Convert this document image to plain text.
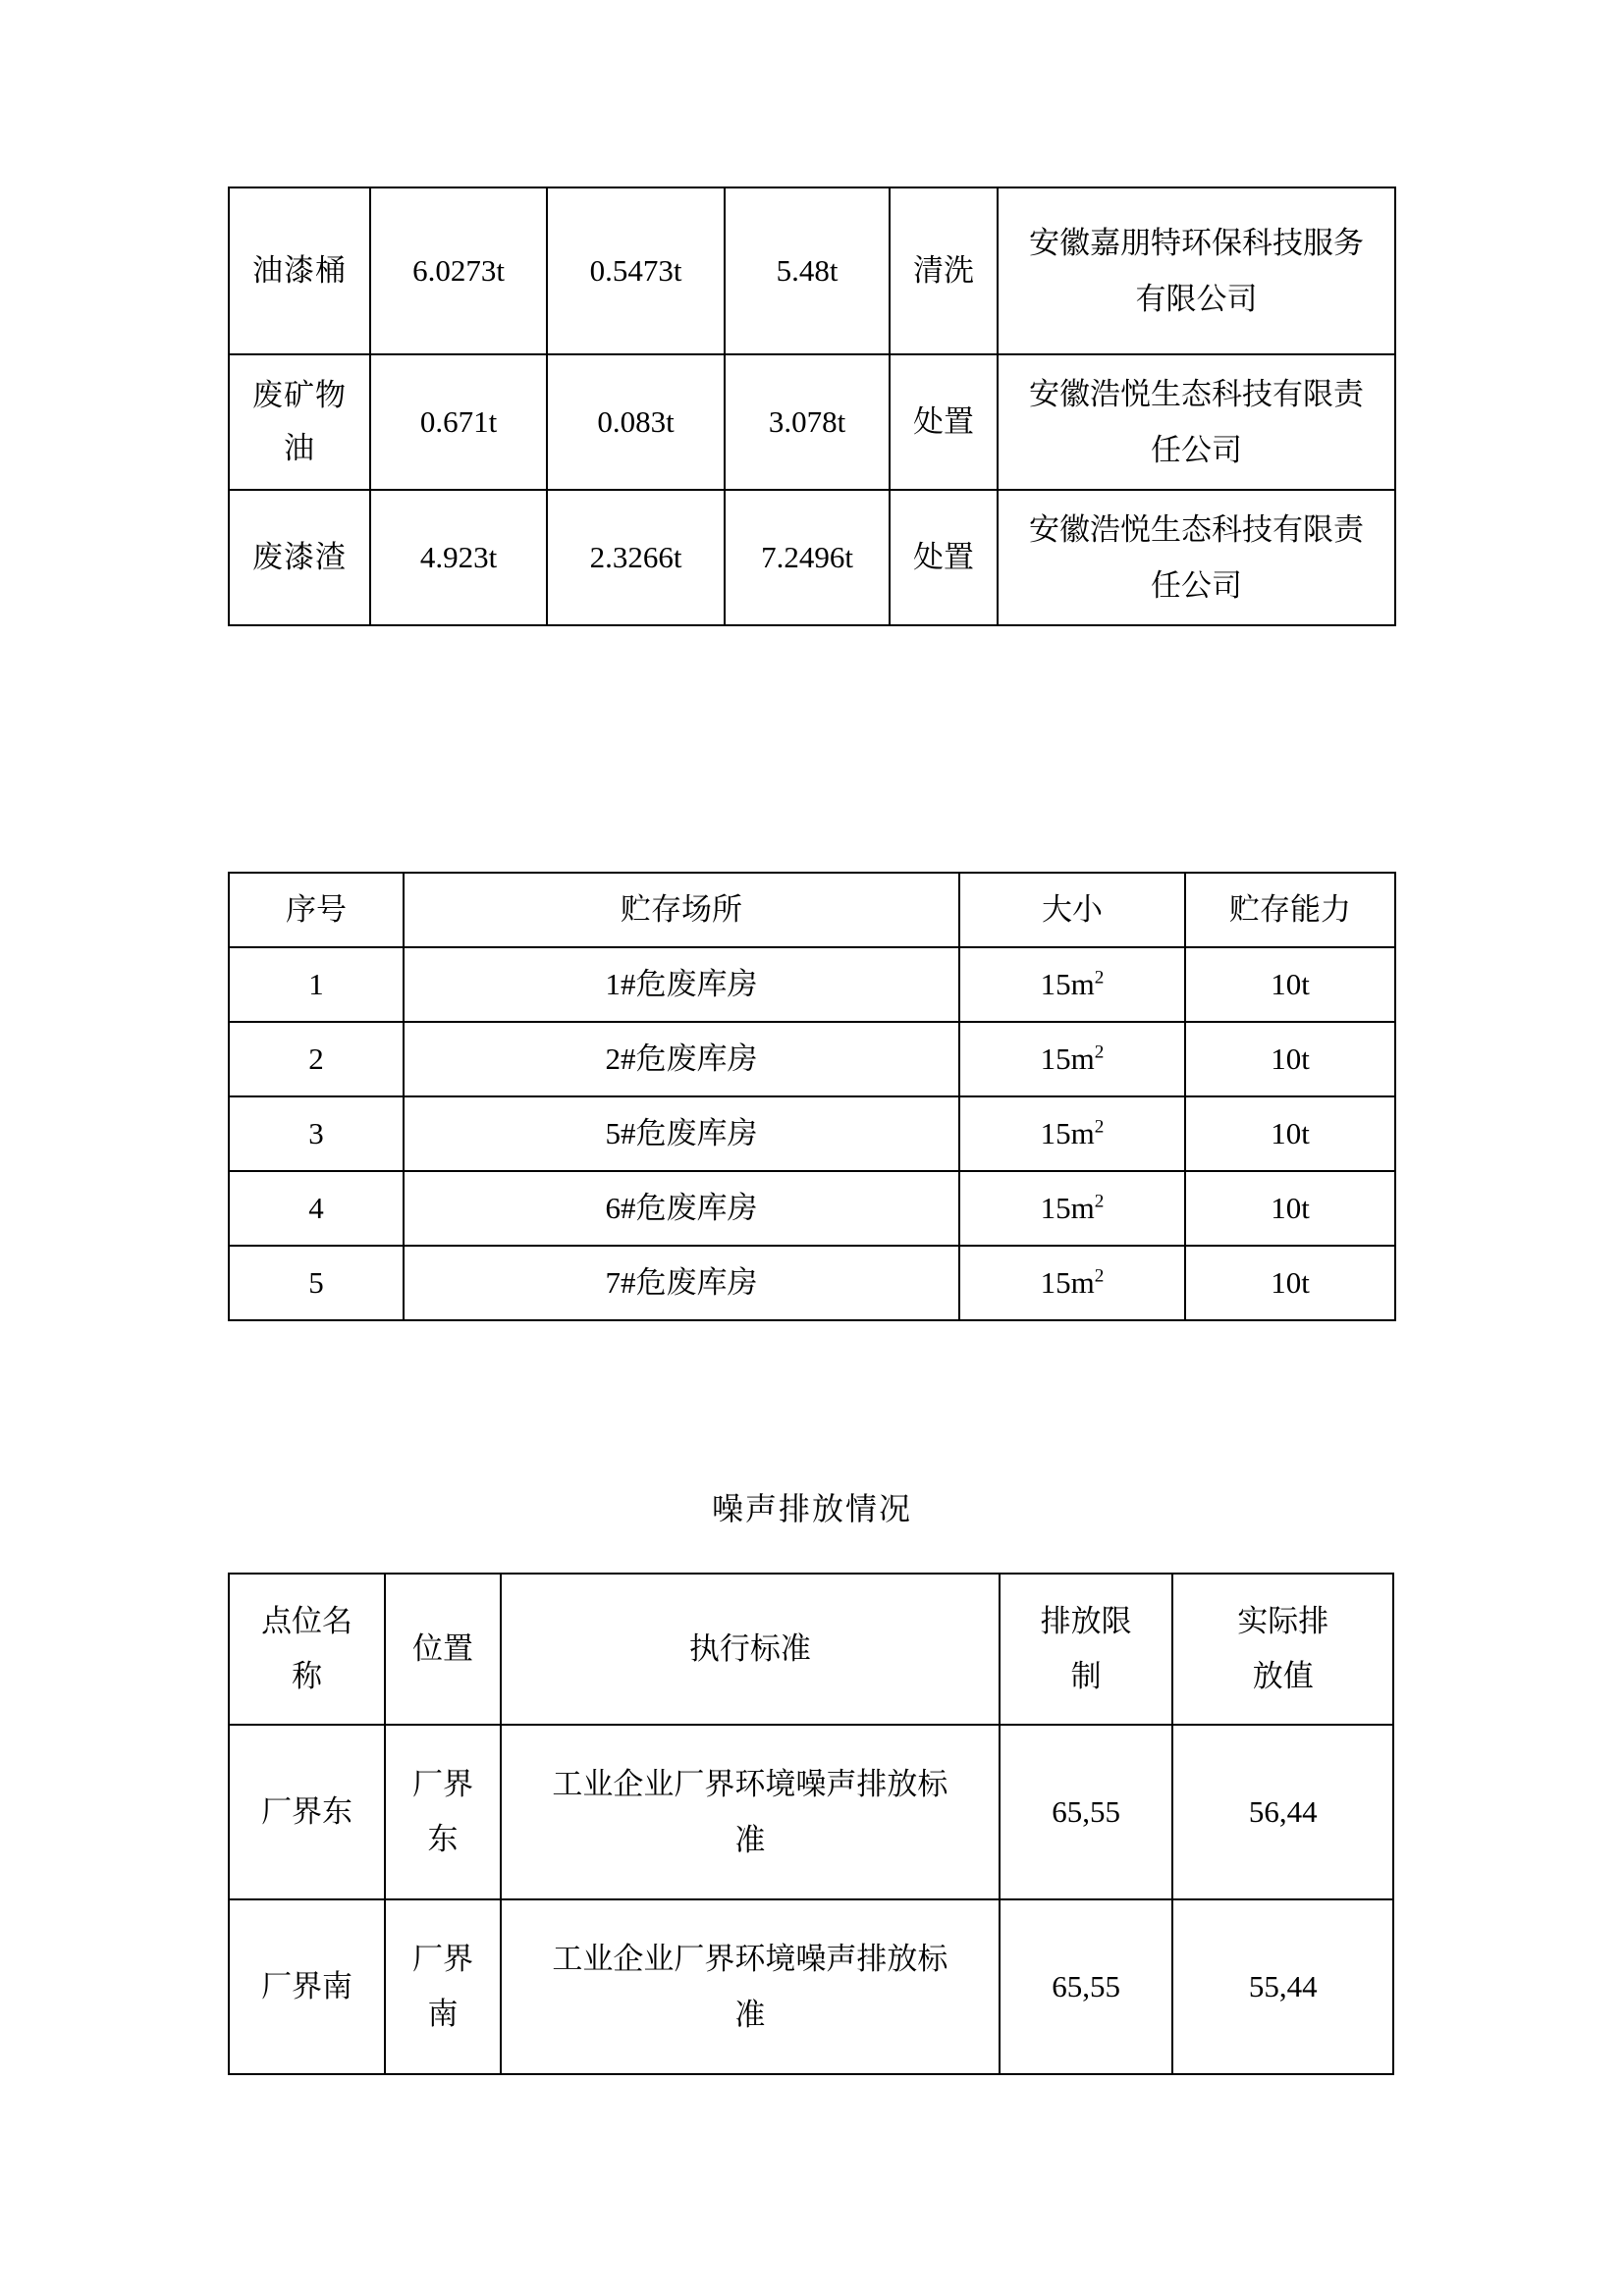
油漆桶	6.0273t	0.5473t	5.48t	清洗	安徽嘉朋特环保科技服务有限公司
废矿物油	0.671t	0.083t	3.078t	处置	安徽浩悦生态科技有限责任公司
废漆渣	4.923t	2.3266t	7.2496t	处置	安徽浩悦生态科技有限责任公司
序号	贮存场所	大小	贮存能力
1	1#危废库房	$15m^2$	10t
2	2#危废库房	$15m^2$	10t
3	5#危废库房	$15m^2$	10t
4	6#危废库房	$15m^2$	10t
5	7#危废库房	$15m^2$	10t
噪声排放情况
点位名称	位置	执行标准	排放限制	实际排放值
厂界东	厂界东	工业企业厂界环境噪声排放标准	65,55	56,44
厂界南	厂界南	工业企业厂界环境噪声排放标准	65,55	55,44
